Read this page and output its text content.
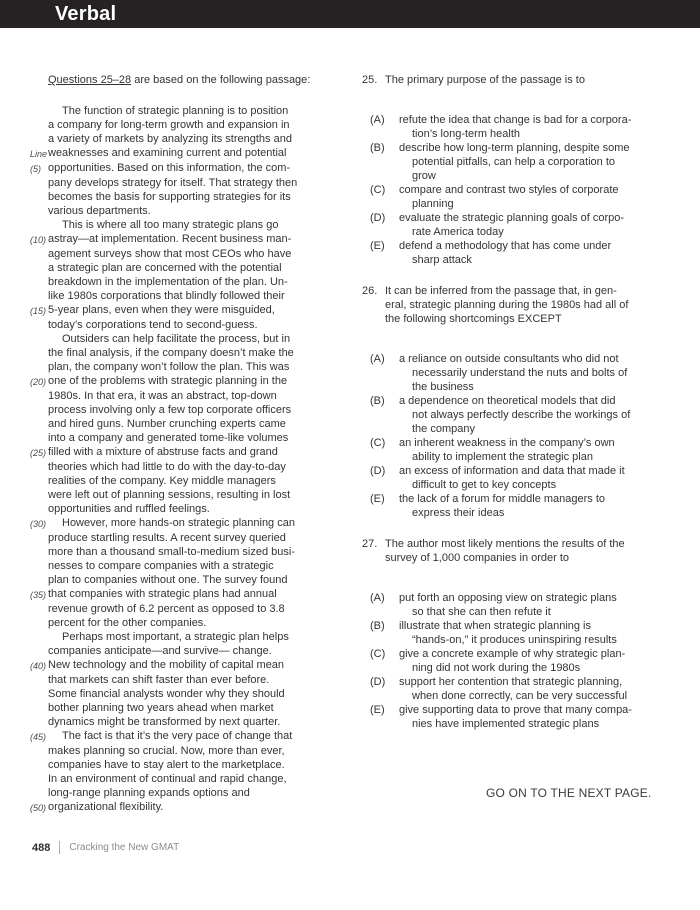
Verbal
Questions 25–28 are based on the following passage:
The function of strategic planning is to position
a company for long-term growth and expansion in
a variety of markets by analyzing its strengths and
Line weaknesses and examining current and potential
(5) opportunities. Based on this information, the com-
pany develops strategy for itself. That strategy then
becomes the basis for supporting strategies for its
various departments.
This is where all too many strategic plans go
(10) astray—at implementation. Recent business man-
agement surveys show that most CEOs who have
a strategic plan are concerned with the potential
breakdown in the implementation of the plan. Un-
like 1980s corporations that blindly followed their
(15) 5-year plans, even when they were misguided,
today’s corporations tend to second-guess.
Outsiders can help facilitate the process, but in
the final analysis, if the company doesn’t make the
plan, the company won’t follow the plan. This was
(20) one of the problems with strategic planning in the
1980s. In that era, it was an abstract, top-down
process involving only a few top corporate officers
and hired guns. Number crunching experts came
into a company and generated tome-like volumes
(25) filled with a mixture of abstruse facts and grand
theories which had little to do with the day-to-day
realities of the company. Key middle managers
were left out of planning sessions, resulting in lost
opportunities and ruffled feelings.
(30)	However, more hands-on strategic planning can
produce startling results. A recent survey queried
more than a thousand small-to-medium sized busi-
nesses to compare companies with a strategic
plan to companies without one. The survey found
(35) that companies with strategic plans had annual
revenue growth of 6.2 percent as opposed to 3.8
percent for the other companies.
Perhaps most important, a strategic plan helps
companies anticipate—and survive— change.
(40) New technology and the mobility of capital mean
that markets can shift faster than ever before.
Some financial analysts wonder why they should
bother planning two years ahead when market
dynamics might be transformed by next quarter.
(45)	The fact is that it’s the very pace of change that
makes planning so crucial. Now, more than ever,
companies have to stay alert to the marketplace.
In an environment of continual and rapid change,
long-range planning expands options and
(50) organizational flexibility.
25. The primary purpose of the passage is to
(A)	refute the idea that change is bad for a corpora-
tion’s long-term health
(B)	describe how long-term planning, despite some
potential pitfalls, can help a corporation to
grow
(C)	compare and contrast two styles of corporate
planning
(D)	evaluate the strategic planning goals of corpo-
rate America today
(E)	defend a methodology that has come under
sharp attack
26. It can be inferred from the passage that, in gen-
eral, strategic planning during the 1980s had all of
the following shortcomings EXCEPT
(A)	a reliance on outside consultants who did not
necessarily understand the nuts and bolts of
the business
(B)	a dependence on theoretical models that did
not always perfectly describe the workings of
the company
(C)	an inherent weakness in the company’s own
ability to implement the strategic plan
(D)	an excess of information and data that made it
difficult to get to key concepts
(E)	the lack of a forum for middle managers to
express their ideas
27. The author most likely mentions the results of the
survey of 1,000 companies in order to
(A)	put forth an opposing view on strategic plans
so that she can then refute it
(B)	illustrate that when strategic planning is
“hands-on,” it produces uninspiring results
(C)	give a concrete example of why strategic plan-
ning did not work during the 1980s
(D)	support her contention that strategic planning,
when done correctly, can be very successful
(E)	give supporting data to prove that many compa-
nies have implemented strategic plans
GO ON TO THE NEXT PAGE.
488 Cracking the New GMAT
